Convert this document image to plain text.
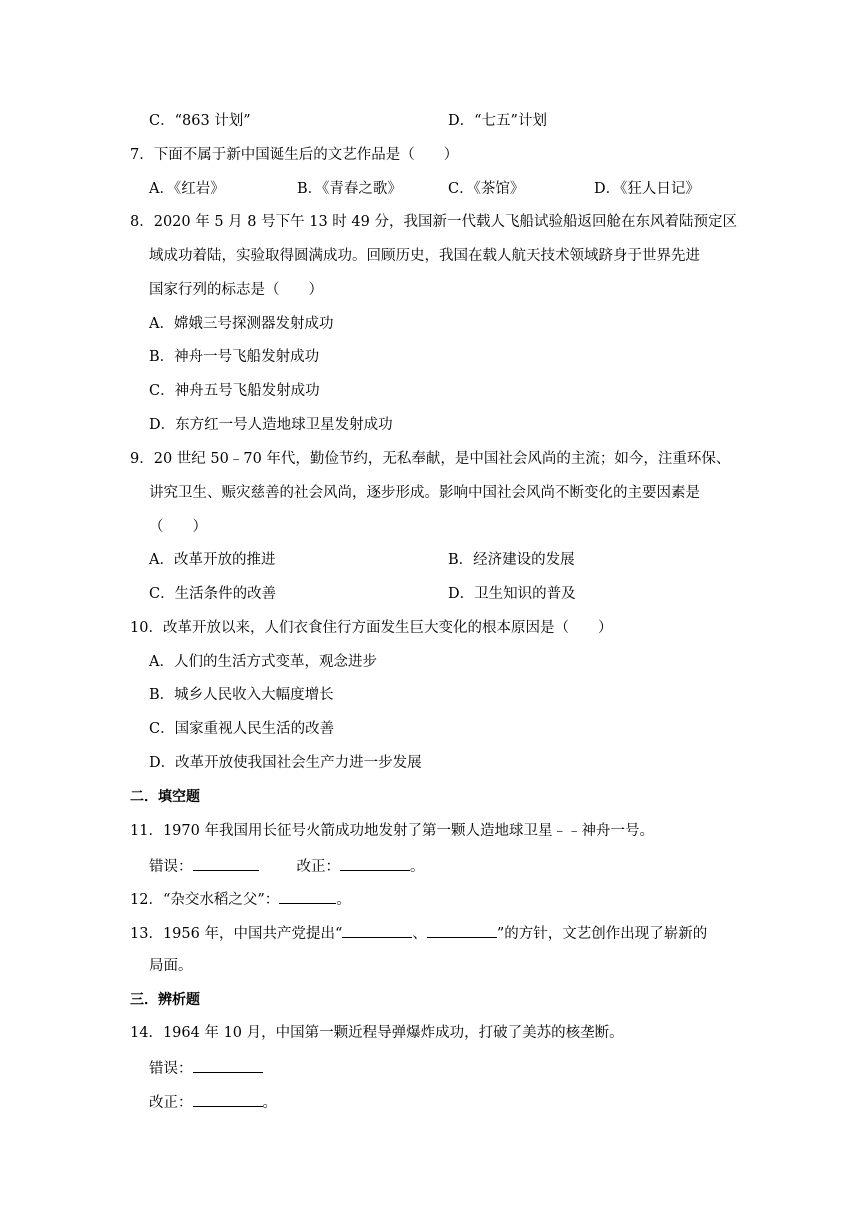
C．“863 计划”	D．“七五”计划
7．下面不属于新中国诞生后的文艺作品是（　　）
A．《红岩》	B．《青春之歌》	C．《茶馆》	D．《狂人日记》
8．2020 年 5 月 8 号下午 13 时 49 分，我国新一代载人飞船试验船返回舱在东风着陆预定区
域成功着陆，实验取得圆满成功。回顾历史，我国在载人航天技术领域跻身于世界先进
国家行列的标志是（　　）
A．嫦娥三号探测器发射成功
B．神舟一号飞船发射成功
C．神舟五号飞船发射成功
D．东方红一号人造地球卫星发射成功
9．20 世纪 50﹣70 年代，勤俭节约，无私奉献，是中国社会风尚的主流；如今，注重环保、
讲究卫生、赈灾慈善的社会风尚，逐步形成。影响中国社会风尚不断变化的主要因素是
（　　）
A．改革开放的推进	B．经济建设的发展
C．生活条件的改善	D．卫生知识的普及
10．改革开放以来，人们衣食住行方面发生巨大变化的根本原因是（　　）
A．人们的生活方式变革，观念进步
B．城乡人民收入大幅度增长
C．国家重视人民生活的改善
D．改革开放使我国社会生产力进一步发展
二．填空题
11．1970 年我国用长征号火箭成功地发射了第一颗人造地球卫星﹣﹣神舟一号。
错误：	改正：	。
12．“杂交水稻之父”：	。
13．1956 年，中国共产党提出“	、	”的方针，文艺创作出现了崭新的
局面。
三．辨析题
14．1964 年 10 月，中国第一颗近程导弹爆炸成功，打破了美苏的核垄断。
错误：
改正：	。
